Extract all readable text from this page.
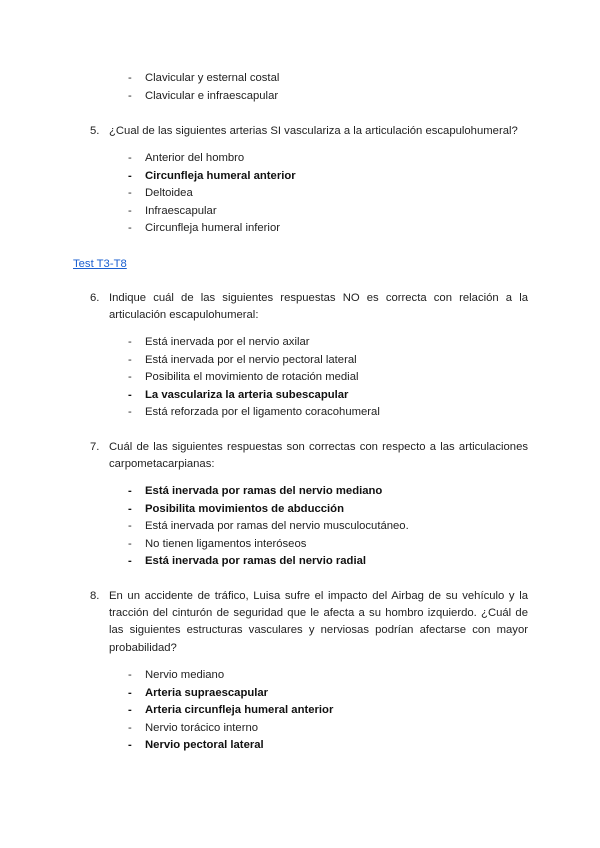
- Clavicular y esternal costal
- Clavicular e infraescapular
5. ¿Cual de las siguientes arterias SI vasculariza a la articulación escapulohumeral?
- Anterior del hombro
- Circunfleja humeral anterior
- Deltoidea
- Infraescapular
- Circunfleja humeral inferior
Test T3-T8
6. Indique cuál de las siguientes respuestas NO es correcta con relación a la articulación escapulohumeral:
- Está inervada por el nervio axilar
- Está inervada por el nervio pectoral lateral
- Posibilita el movimiento de rotación medial
- La vasculariza la arteria subescapular
- Está reforzada por el ligamento coracohumeral
7. Cuál de las siguientes respuestas son correctas con respecto a las articulaciones carpometacarpianas:
- Está inervada por ramas del nervio mediano
- Posibilita movimientos de abducción
- Está inervada por ramas del nervio musculocutáneo.
- No tienen ligamentos interóseos
- Está inervada por ramas del nervio radial
8. En un accidente de tráfico, Luisa sufre el impacto del Airbag de su vehículo y la tracción del cinturón de seguridad que le afecta a su hombro izquierdo. ¿Cuál de las siguientes estructuras vasculares y nerviosas podrían afectarse con mayor probabilidad?
- Nervio mediano
- Arteria supraescapular
- Arteria circunfleja humeral anterior
- Nervio torácico interno
- Nervio pectoral lateral
